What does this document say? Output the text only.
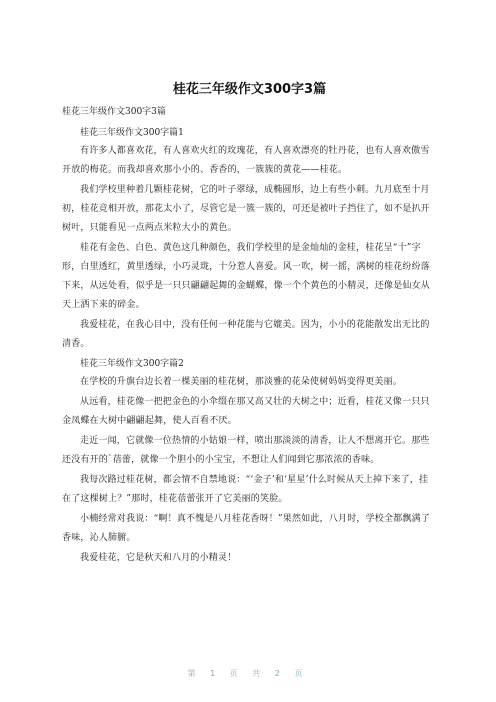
桂花三年级作文300字3篇
桂花三年级作文300字3篇
桂花三年级作文300字篇1
有许多人都喜欢花，有人喜欢火红的玫瑰花，有人喜欢漂亮的牡丹花，也有人喜欢傲雪开放的梅花。而我却喜欢那小小的、香香的，一簇簇的黄花——桂花。
我们学校里种着几颗桂花树，它的叶子翠绿，成椭圆形，边上有些小刺。九月底至十月初，桂花竞相开放，那花太小了，尽管它是一簇一簇的，可还是被叶子挡住了，如不是扒开树叶，只能看见一点两点米粒大小的黄色。
桂花有金色、白色、黄色这几种颜色，我们学校里的是金灿灿的金桂，桂花呈“十”字形，白里透红，黄里透绿，小巧灵珑，十分惹人喜爱。风一吹，树一摇，满树的桂花纷纷落下来，从远处看，似乎是一只只翩翩起舞的金蝴蝶，像一个个黄色的小精灵，还像是仙女从天上洒下来的碎金。
我爱桂花，在我心目中，没有任何一种花能与它媲美。因为，小小的花能散发出无比的清香。
桂花三年级作文300字篇2
在学校的升旗台边长着一棵美丽的桂花树，那淡雅的花朵使树妈妈变得更美丽。
从远看，桂花像一把把金色的小伞缀在那又高又壮的大树之中；近看，桂花又像一只只金凤蝶在大树中翩翩起舞，使人百看不厌。
走近一闻，它就像一位热情的小姑娘一样，喷出那淡淡的清香，让人不想离开它。那些还没有开的`蓓蕾，就像一个胆小的小宝宝，不想让人们闻到它那浓浓的香味。
我每次路过桂花树，都会情不自禁地说：“‘金子’和‘星星’什么时候从天上掉下来了，挂在了这棵树上？”那时，桂花蓓蕾张开了它美丽的笑脸。
小楠经常对我说：“啊！真不愧是八月桂花香呀！”果然如此，八月时，学校全都飘满了香味，沁人肺腑。
我爱桂花，它是秋天和八月的小精灵！
第 1 页 共 2 页
